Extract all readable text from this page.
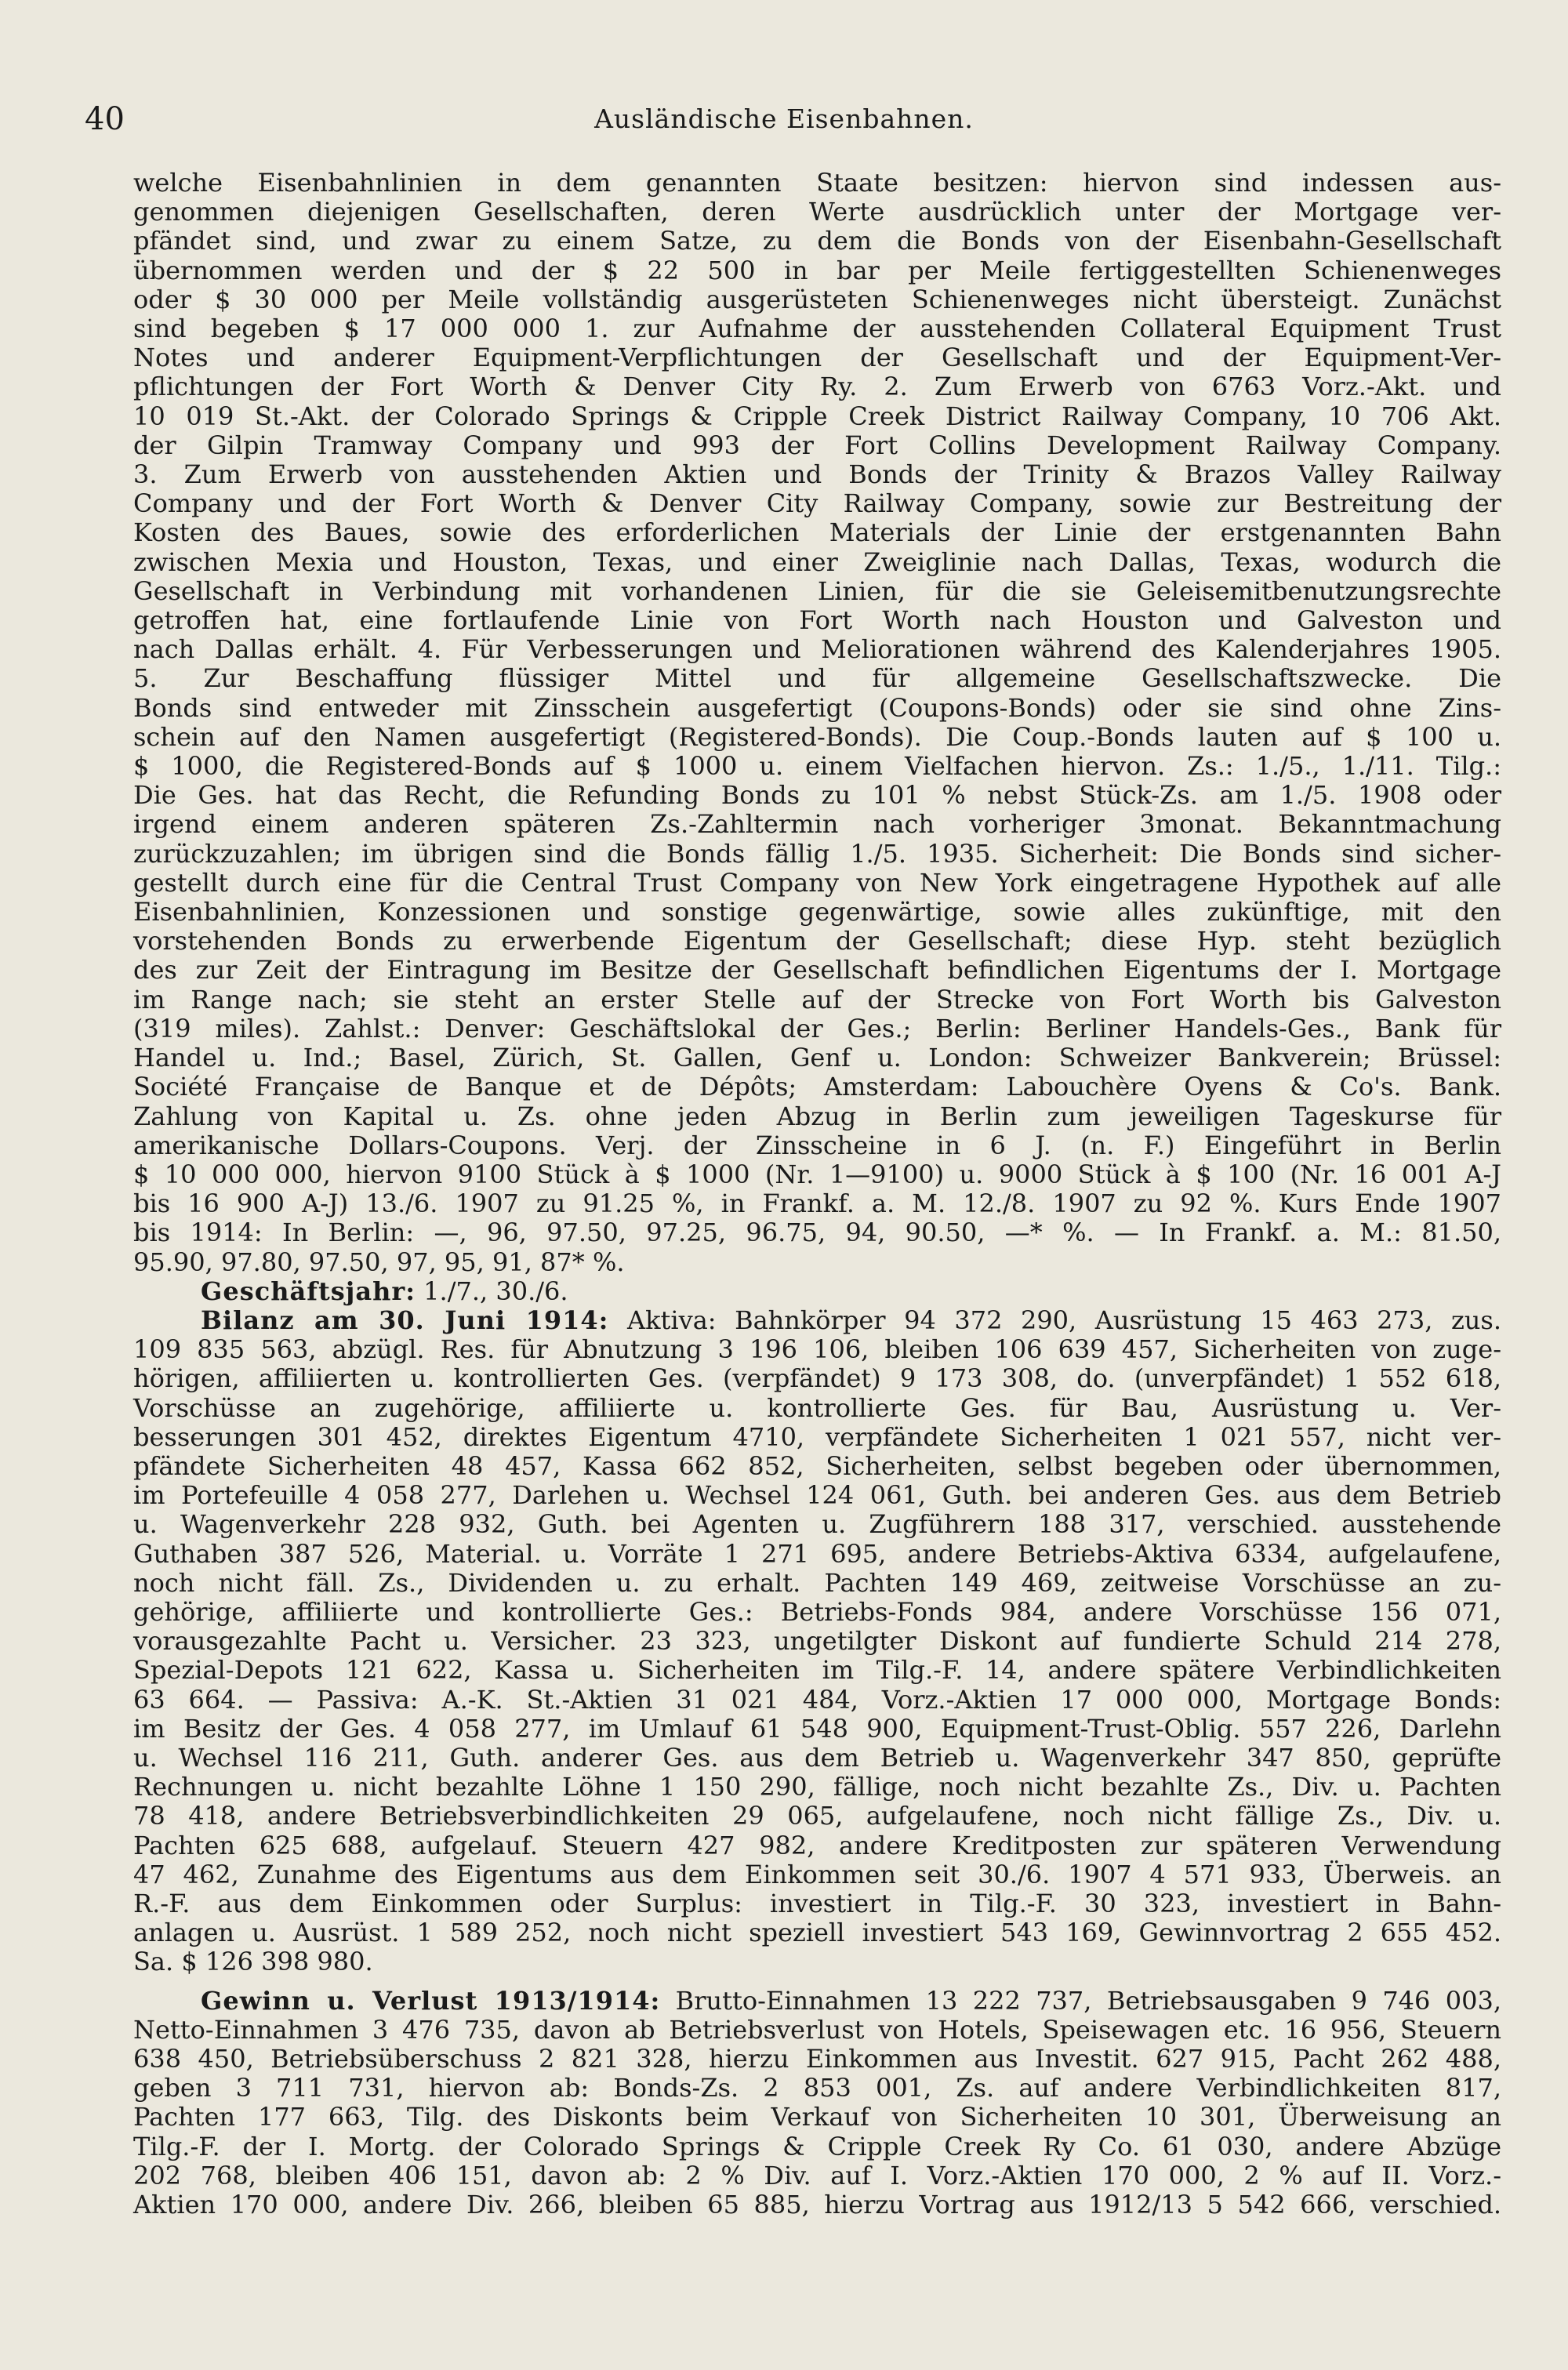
40	Ausländische Eisenbahnen.
welche Eisenbahnlinien in dem genannten Staate besitzen: hiervon sind indessen aus-
genommen diejenigen Gesellschaften, deren Werte ausdrücklich unter der Mortgage ver-
pfändet sind, und zwar zu einem Satze, zu dem die Bonds von der Eisenbahn-Gesellschaft
übernommen werden und der $ 22 500 in bar per Meile fertiggestellten Schienenweges
oder $ 30 000 per Meile vollständig ausgerüsteten Schienenweges nicht übersteigt. Zunächst
sind begeben $ 17 000 000 1. zur Aufnahme der ausstehenden Collateral Equipment Trust
Notes und anderer Equipment-Verpflichtungen der Gesellschaft und der Equipment-Ver-
pflichtungen der Fort Worth & Denver City Ry. 2. Zum Erwerb von 6763 Vorz.-Akt. und
10 019 St.-Akt. der Colorado Springs & Cripple Creek District Railway Company, 10 706 Akt.
der Gilpin Tramway Company und 993 der Fort Collins Development Railway Company.
3. Zum Erwerb von ausstehenden Aktien und Bonds der Trinity & Brazos Valley Railway
Company und der Fort Worth & Denver City Railway Company, sowie zur Bestreitung der
Kosten des Baues, sowie des erforderlichen Materials der Linie der erstgenannten Bahn
zwischen Mexia und Houston, Texas, und einer Zweiglinie nach Dallas, Texas, wodurch die
Gesellschaft in Verbindung mit vorhandenen Linien, für die sie Geleisemitbenutzungsrechte
getroffen hat, eine fortlaufende Linie von Fort Worth nach Houston und Galveston und
nach Dallas erhält. 4. Für Verbesserungen und Meliorationen während des Kalenderjahres 1905.
5. Zur Beschaffung flüssiger Mittel und für allgemeine Gesellschaftszwecke. Die
Bonds sind entweder mit Zinsschein ausgefertigt (Coupons-Bonds) oder sie sind ohne Zins-
schein auf den Namen ausgefertigt (Registered-Bonds). Die Coup.-Bonds lauten auf $ 100 u.
$ 1000, die Registered-Bonds auf $ 1000 u. einem Vielfachen hiervon. Zs.: 1./5., 1./11. Tilg.:
Die Ges. hat das Recht, die Refunding Bonds zu 101 % nebst Stück-Zs. am 1./5. 1908 oder
irgend einem anderen späteren Zs.-Zahltermin nach vorheriger 3monat. Bekanntmachung
zurückzuzahlen; im übrigen sind die Bonds fällig 1./5. 1935. Sicherheit: Die Bonds sind sicher-
gestellt durch eine für die Central Trust Company von New York eingetragene Hypothek auf alle
Eisenbahnlinien, Konzessionen und sonstige gegenwärtige, sowie alles zukünftige, mit den
vorstehenden Bonds zu erwerbende Eigentum der Gesellschaft; diese Hyp. steht bezüglich
des zur Zeit der Eintragung im Besitze der Gesellschaft befindlichen Eigentums der I. Mortgage
im Range nach; sie steht an erster Stelle auf der Strecke von Fort Worth bis Galveston
(319 miles). Zahlst.: Denver: Geschäftslokal der Ges.; Berlin: Berliner Handels-Ges., Bank für
Handel u. Ind.; Basel, Zürich, St. Gallen, Genf u. London: Schweizer Bankverein; Brüssel:
Société Française de Banque et de Dépôts; Amsterdam: Labouchère Oyens & Co's. Bank.
Zahlung von Kapital u. Zs. ohne jeden Abzug in Berlin zum jeweiligen Tageskurse für
amerikanische Dollars-Coupons. Verj. der Zinsscheine in 6 J. (n. F.) Eingeführt in Berlin
$ 10 000 000, hiervon 9100 Stück à $ 1000 (Nr. 1—9100) u. 9000 Stück à $ 100 (Nr. 16 001 A-J
bis 16 900 A-J) 13./6. 1907 zu 91.25 %, in Frankf. a. M. 12./8. 1907 zu 92 %. Kurs Ende 1907
bis 1914: In Berlin: —, 96, 97.50, 97.25, 96.75, 94, 90.50, —* %. — In Frankf. a. M.: 81.50,
95.90, 97.80, 97.50, 97, 95, 91, 87* %.
Geschäftsjahr: 1./7., 30./6.
Bilanz am 30. Juni 1914: Aktiva: Bahnkörper 94 372 290, Ausrüstung 15 463 273, zus.
109 835 563, abzügl. Res. für Abnutzung 3 196 106, bleiben 106 639 457, Sicherheiten von zuge-
hörigen, affiliierten u. kontrollierten Ges. (verpfändet) 9 173 308, do. (unverpfändet) 1 552 618,
Vorschüsse an zugehörige, affiliierte u. kontrollierte Ges. für Bau, Ausrüstung u. Ver-
besserungen 301 452, direktes Eigentum 4710, verpfändete Sicherheiten 1 021 557, nicht ver-
pfändete Sicherheiten 48 457, Kassa 662 852, Sicherheiten, selbst begeben oder übernommen,
im Portefeuille 4 058 277, Darlehen u. Wechsel 124 061, Guth. bei anderen Ges. aus dem Betrieb
u. Wagenverkehr 228 932, Guth. bei Agenten u. Zugführern 188 317, verschied. ausstehende
Guthaben 387 526, Material. u. Vorräte 1 271 695, andere Betriebs-Aktiva 6334, aufgelaufene,
noch nicht fäll. Zs., Dividenden u. zu erhalt. Pachten 149 469, zeitweise Vorschüsse an zu-
gehörige, affiliierte und kontrollierte Ges.: Betriebs-Fonds 984, andere Vorschüsse 156 071,
vorausgezahlte Pacht u. Versicher. 23 323, ungetilgter Diskont auf fundierte Schuld 214 278,
Spezial-Depots 121 622, Kassa u. Sicherheiten im Tilg.-F. 14, andere spätere Verbindlichkeiten
63 664. — Passiva: A.-K. St.-Aktien 31 021 484, Vorz.-Aktien 17 000 000, Mortgage Bonds:
im Besitz der Ges. 4 058 277, im Umlauf 61 548 900, Equipment-Trust-Oblig. 557 226, Darlehn
u. Wechsel 116 211, Guth. anderer Ges. aus dem Betrieb u. Wagenverkehr 347 850, geprüfte
Rechnungen u. nicht bezahlte Löhne 1 150 290, fällige, noch nicht bezahlte Zs., Div. u. Pachten
78 418, andere Betriebsverbindlichkeiten 29 065, aufgelaufene, noch nicht fällige Zs., Div. u.
Pachten 625 688, aufgelauf. Steuern 427 982, andere Kreditposten zur späteren Verwendung
47 462, Zunahme des Eigentums aus dem Einkommen seit 30./6. 1907 4 571 933, Überweis. an
R.-F. aus dem Einkommen oder Surplus: investiert in Tilg.-F. 30 323, investiert in Bahn-
anlagen u. Ausrüst. 1 589 252, noch nicht speziell investiert 543 169, Gewinnvortrag 2 655 452.
Sa. $ 126 398 980.
Gewinn u. Verlust 1913/1914: Brutto-Einnahmen 13 222 737, Betriebsausgaben 9 746 003,
Netto-Einnahmen 3 476 735, davon ab Betriebsverlust von Hotels, Speisewagen etc. 16 956, Steuern
638 450, Betriebsüberschuss 2 821 328, hierzu Einkommen aus Investit. 627 915, Pacht 262 488,
geben 3 711 731, hiervon ab: Bonds-Zs. 2 853 001, Zs. auf andere Verbindlichkeiten 817,
Pachten 177 663, Tilg. des Diskonts beim Verkauf von Sicherheiten 10 301, Überweisung an
Tilg.-F. der I. Mortg. der Colorado Springs & Cripple Creek Ry Co. 61 030, andere Abzüge
202 768, bleiben 406 151, davon ab: 2 % Div. auf I. Vorz.-Aktien 170 000, 2 % auf II. Vorz.-
Aktien 170 000, andere Div. 266, bleiben 65 885, hierzu Vortrag aus 1912/13 5 542 666, verschied.
